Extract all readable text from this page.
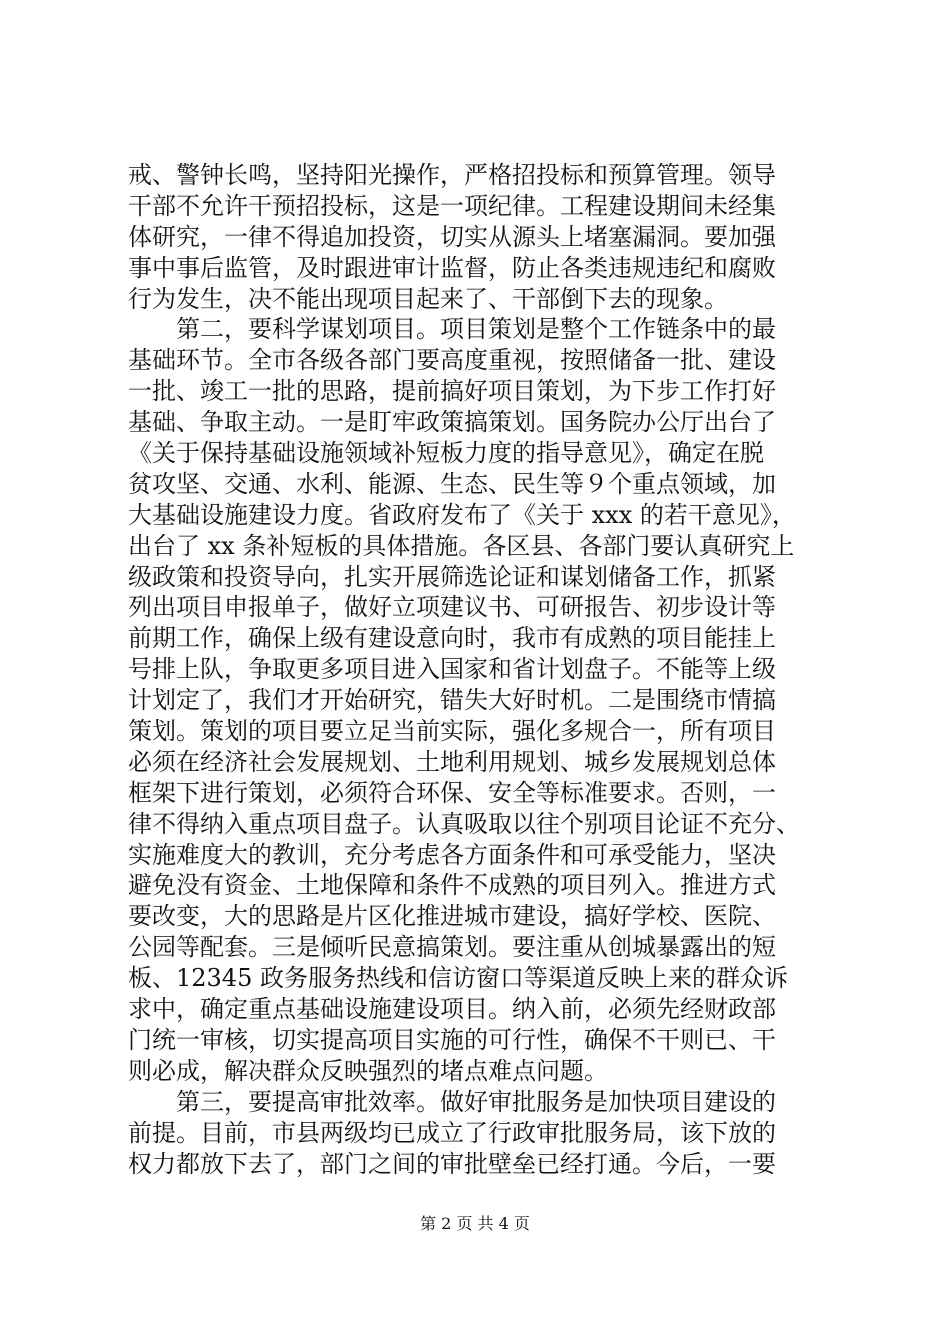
戒、警钟长鸣，坚持阳光操作，严格招投标和预算管理。领导
干部不允许干预招投标，这是一项纪律。工程建设期间未经集
体研究，一律不得追加投资，切实从源头上堵塞漏洞。要加强
事中事后监管，及时跟进审计监督，防止各类违规违纪和腐败
行为发生，决不能出现项目起来了、干部倒下去的现象。
　　第二，要科学谋划项目。项目策划是整个工作链条中的最
基础环节。全市各级各部门要高度重视，按照储备一批、建设
一批、竣工一批的思路，提前搞好项目策划，为下步工作打好
基础、争取主动。一是盯牢政策搞策划。国务院办公厅出台了
《关于保持基础设施领域补短板力度的指导意见》，确定在脱
贫攻坚、交通、水利、能源、生态、民生等９个重点领域，加
大基础设施建设力度。省政府发布了《关于 xxx 的若干意见》，
出台了 xx 条补短板的具体措施。各区县、各部门要认真研究上
级政策和投资导向，扎实开展筛选论证和谋划储备工作，抓紧
列出项目申报单子，做好立项建议书、可研报告、初步设计等
前期工作，确保上级有建设意向时，我市有成熟的项目能挂上
号排上队，争取更多项目进入国家和省计划盘子。不能等上级
计划定了，我们才开始研究，错失大好时机。二是围绕市情搞
策划。策划的项目要立足当前实际，强化多规合一，所有项目
必须在经济社会发展规划、土地利用规划、城乡发展规划总体
框架下进行策划，必须符合环保、安全等标准要求。否则，一
律不得纳入重点项目盘子。认真吸取以往个别项目论证不充分、
实施难度大的教训，充分考虑各方面条件和可承受能力，坚决
避免没有资金、土地保障和条件不成熟的项目列入。推进方式
要改变，大的思路是片区化推进城市建设，搞好学校、医院、
公园等配套。三是倾听民意搞策划。要注重从创城暴露出的短
板、12345 政务服务热线和信访窗口等渠道反映上来的群众诉
求中，确定重点基础设施建设项目。纳入前，必须先经财政部
门统一审核，切实提高项目实施的可行性，确保不干则已、干
则必成，解决群众反映强烈的堵点难点问题。
　　第三，要提高审批效率。做好审批服务是加快项目建设的
前提。目前，市县两级均已成立了行政审批服务局，该下放的
权力都放下去了，部门之间的审批壁垒已经打通。今后，一要
第 2 页 共 4 页
